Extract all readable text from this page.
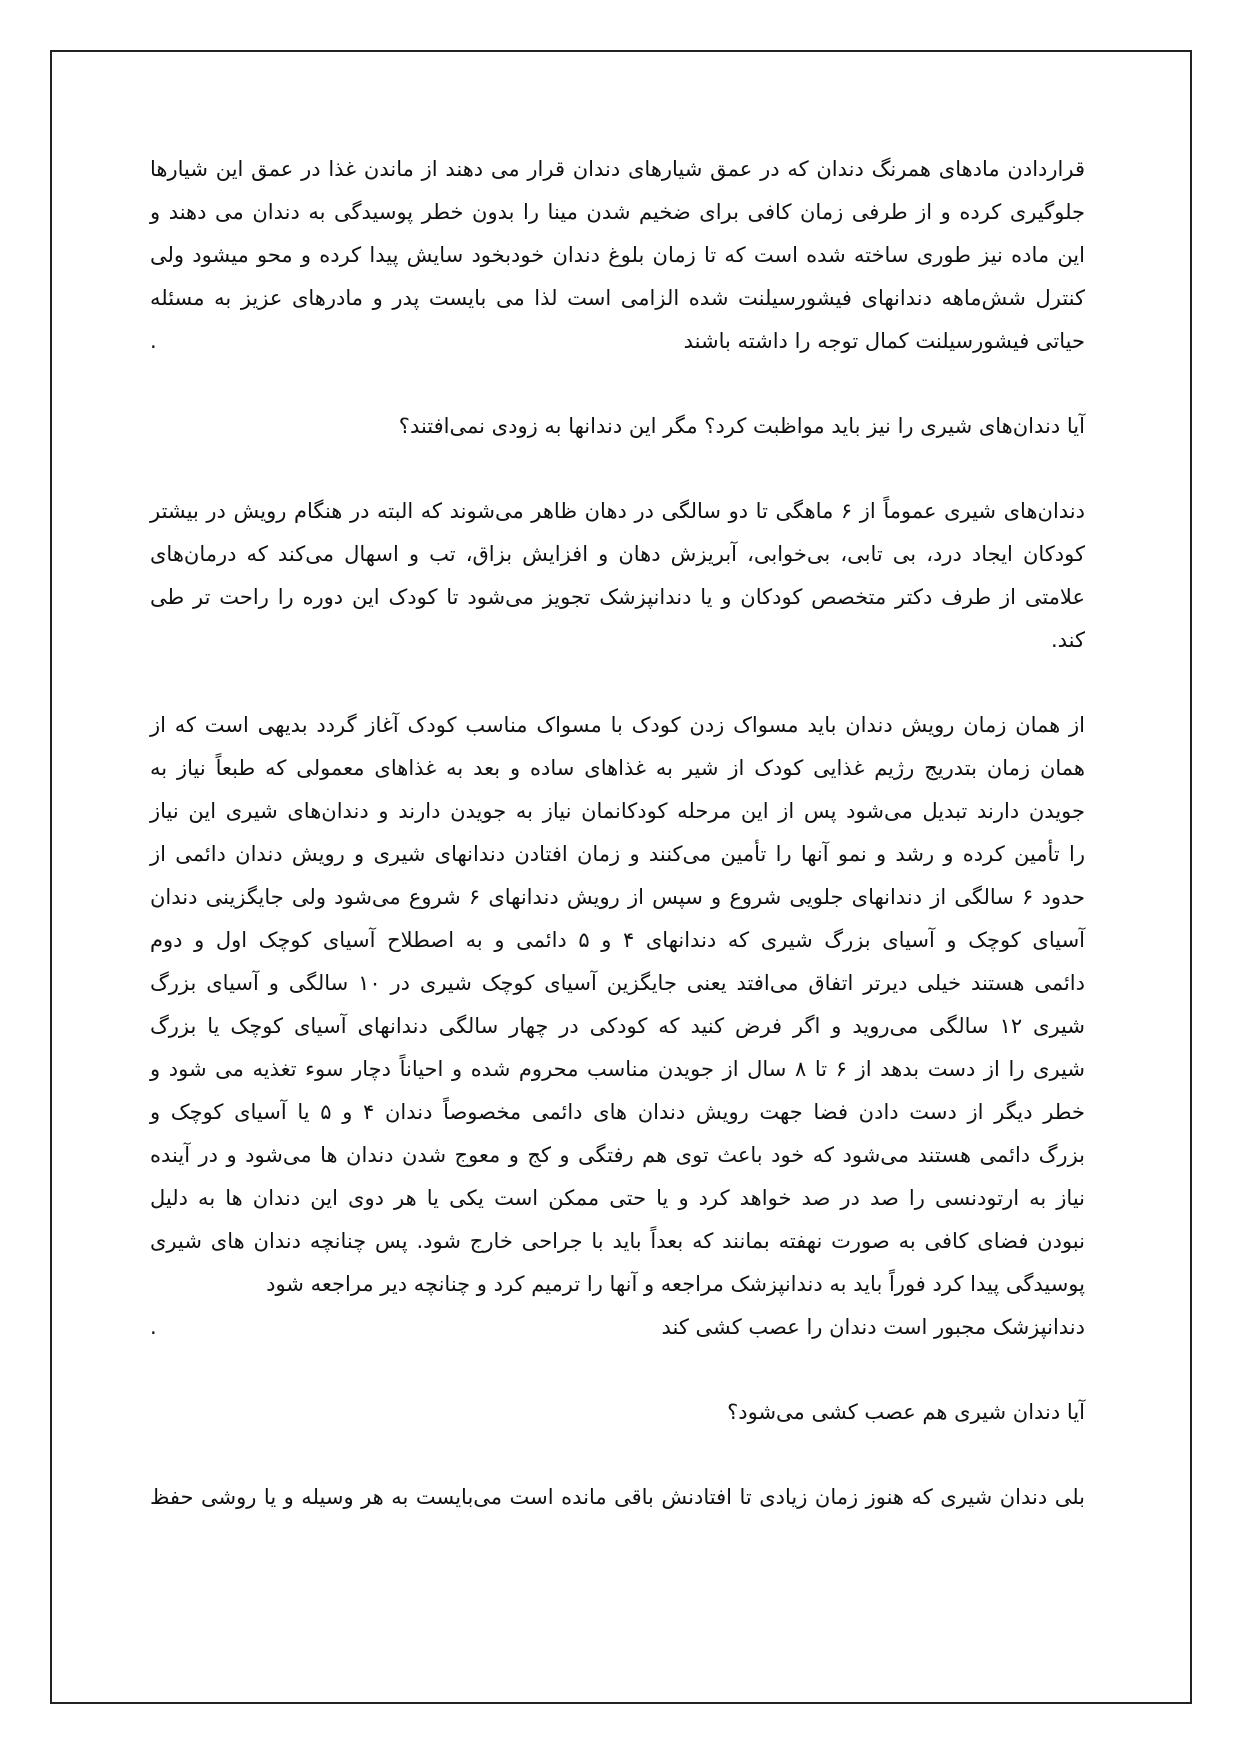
قراردادن مادهای همرنگ دندان که در عمق شیارهای دندان قرار می دهند از ماندن غذا در عمق این شیارها
جلوگیری کرده و از طرفی زمان کافی برای ضخیم شدن مینا را بدون خطر پوسیدگی به دندان می دهند و
این ماده نیز طوری ساخته شده است که تا زمان بلوغ دندان خودبخود سایش پیدا کرده و محو میشود ولی
کنترل شش‌ماهه دندانهای فیشورسیلنت شده الزامی است لذا می بایست پدر و مادرهای عزیز به مسئله
حیاتی فیشورسیلنت کمال توجه را داشته باشند
.
آیا دندان‌های شیری را نیز باید مواظبت کرد؟ مگر این دندانها به زودی نمی‌افتند؟
دندان‌های شیری عموماً از ۶ ماهگی تا دو سالگی در دهان ظاهر می‌شوند که البته در هنگام رویش در بیشتر
کودکان ایجاد درد، بی تابی، بی‌خوابی، آبریزش دهان و افزایش بزاق، تب و اسهال می‌کند که درمان‌های
علامتی از طرف دکتر متخصص کودکان و یا دندانپزشک تجویز می‌شود تا کودک این دوره را راحت تر طی
کند.
از همان زمان رویش دندان باید مسواک زدن کودک با مسواک مناسب کودک آغاز گردد بدیهی است که از
همان زمان بتدریج رژیم غذایی کودک از شیر به غذاهای ساده و بعد به غذاهای معمولی که طبعاً نیاز به
جویدن دارند تبدیل می‌شود پس از این مرحله کودکانمان نیاز به جویدن دارند و دندان‌های شیری این نیاز
را تأمین کرده و رشد و نمو آنها را تأمین می‌کنند و زمان افتادن دندانهای شیری و رویش دندان دائمی از
حدود ۶ سالگی از دندانهای جلویی شروع و سپس از رویش دندانهای ۶ شروع می‌شود ولی جایگزینی دندان
آسیای کوچک و آسیای بزرگ شیری که دندانهای ۴ و ۵ دائمی و به اصطلاح آسیای کوچک اول و دوم
دائمی هستند خیلی دیرتر اتفاق می‌افتد یعنی جایگزین آسیای کوچک شیری در ۱۰ سالگی و آسیای بزرگ
شیری ۱۲ سالگی می‌روید و اگر فرض کنید که کودکی در چهار سالگی دندانهای آسیای کوچک یا بزرگ
شیری را از دست بدهد از ۶ تا ۸ سال از جویدن مناسب محروم شده و احیاناً دچار سوء تغذیه می شود و
خطر دیگر از دست دادن فضا جهت رویش دندان های دائمی مخصوصاً دندان ۴ و ۵ یا آسیای کوچک و
بزرگ دائمی هستند می‌شود که خود باعث توی هم رفتگی و کج و معوج شدن دندان ها می‌شود و در آینده
نیاز به ارتودنسی را صد در صد خواهد کرد و یا حتی ممکن است یکی یا هر دوی این دندان ها به دلیل
نبودن فضای کافی به صورت نهفته بمانند که بعداً باید با جراحی خارج شود. پس چنانچه دندان های شیری
پوسیدگی پیدا کرد فوراً باید به دندانپزشک مراجعه و آنها را ترمیم کرد و چنانچه دیر مراجعه شود
دندانپزشک مجبور است دندان را عصب کشی کند
.
آیا دندان شیری هم عصب کشی می‌شود؟
بلی دندان شیری که هنوز زمان زیادی تا افتادنش باقی مانده است می‌بایست به هر وسیله و یا روشی حفظ
